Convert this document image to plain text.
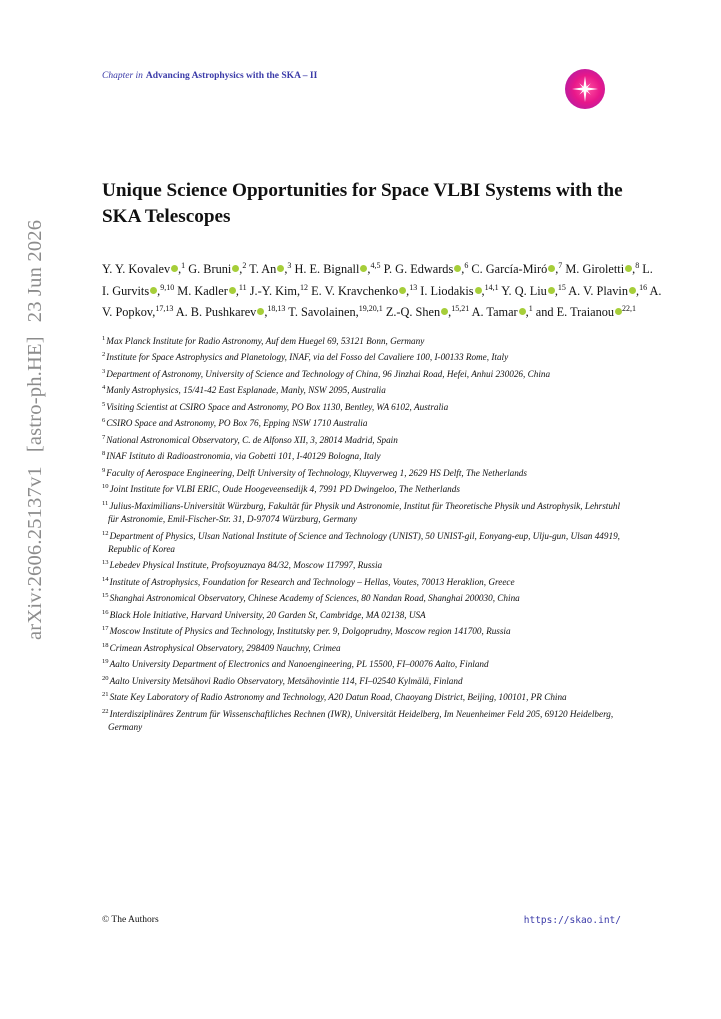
arXiv:2606.25137v1[astro-ph.HE]23 Jun 2026
Chapter in Advancing Astrophysics with the SKA – II
Unique Science Opportunities for Space VLBI Systems with the SKA Telescopes
Y. Y. Kovalev ,$^1$ G. Bruni ,$^2$ T. An ,$^3$ H. E. Bignall ,$^{4,5}$ P. G. Edwards ,$^6$ C. García-Miró ,$^7$ M. Giroletti ,$^8$ L. I. Gurvits ,$^{9,10}$ M. Kadler ,$^{11}$ J.-Y. Kim,$^{12}$ E. V. Kravchenko ,$^{13}$ I. Liodakis ,$^{14,1}$ Y. Q. Liu ,$^{15}$ A. V. Plavin ,$^{16}$ A. V. Popkov,$^{17,13}$ A. B. Pushkarev ,$^{18,13}$ T. Savolainen,$^{19,20,1}$ Z.-Q. Shen ,$^{15,21}$ A. Tamar ,$^1$ and E. Traianou $^{22,1}$
$^1$Max Planck Institute for Radio Astronomy, Auf dem Huegel 69, 53121 Bonn, Germany
$^2$Institute for Space Astrophysics and Planetology, INAF, via del Fosso del Cavaliere 100, I-00133 Rome, Italy
$^3$Department of Astronomy, University of Science and Technology of China, 96 Jinzhai Road, Hefei, Anhui 230026, China
$^4$Manly Astrophysics, 15/41-42 East Esplanade, Manly, NSW 2095, Australia
$^5$Visiting Scientist at CSIRO Space and Astronomy, PO Box 1130, Bentley, WA 6102, Australia
$^6$CSIRO Space and Astronomy, PO Box 76, Epping NSW 1710 Australia
$^7$National Astronomical Observatory, C. de Alfonso XII, 3, 28014 Madrid, Spain
$^8$INAF Istituto di Radioastronomia, via Gobetti 101, I-40129 Bologna, Italy
$^9$Faculty of Aerospace Engineering, Delft University of Technology, Kluyverweg 1, 2629 HS Delft, The Netherlands
$^{10}$Joint Institute for VLBI ERIC, Oude Hoogeveensedijk 4, 7991 PD Dwingeloo, The Netherlands
$^{11}$Julius-Maximilians-Universität Würzburg, Fakultät für Physik und Astronomie, Institut für Theoretische Physik und Astrophysik, Lehrstuhl für Astronomie, Emil-Fischer-Str. 31, D-97074 Würzburg, Germany
$^{12}$Department of Physics, Ulsan National Institute of Science and Technology (UNIST), 50 UNIST-gil, Eonyang-eup, Ulju-gun, Ulsan 44919, Republic of Korea
$^{13}$Lebedev Physical Institute, Profsoyuznaya 84/32, Moscow 117997, Russia
$^{14}$Institute of Astrophysics, Foundation for Research and Technology – Hellas, Voutes, 70013 Heraklion, Greece
$^{15}$Shanghai Astronomical Observatory, Chinese Academy of Sciences, 80 Nandan Road, Shanghai 200030, China
$^{16}$Black Hole Initiative, Harvard University, 20 Garden St, Cambridge, MA 02138, USA
$^{17}$Moscow Institute of Physics and Technology, Institutsky per. 9, Dolgoprudny, Moscow region 141700, Russia
$^{18}$Crimean Astrophysical Observatory, 298409 Nauchny, Crimea
$^{19}$Aalto University Department of Electronics and Nanoengineering, PL 15500, FI–00076 Aalto, Finland
$^{20}$Aalto University Metsähovi Radio Observatory, Metsähovintie 114, FI–02540 Kylmälä, Finland
$^{21}$State Key Laboratory of Radio Astronomy and Technology, A20 Datun Road, Chaoyang District, Beijing, 100101, PR China
$^{22}$Interdisziplinäres Zentrum für Wissenschaftliches Rechnen (IWR), Universität Heidelberg, Im Neuenheimer Feld 205, 69120 Heidelberg, Germany
© The Authors	https://skao.int/
